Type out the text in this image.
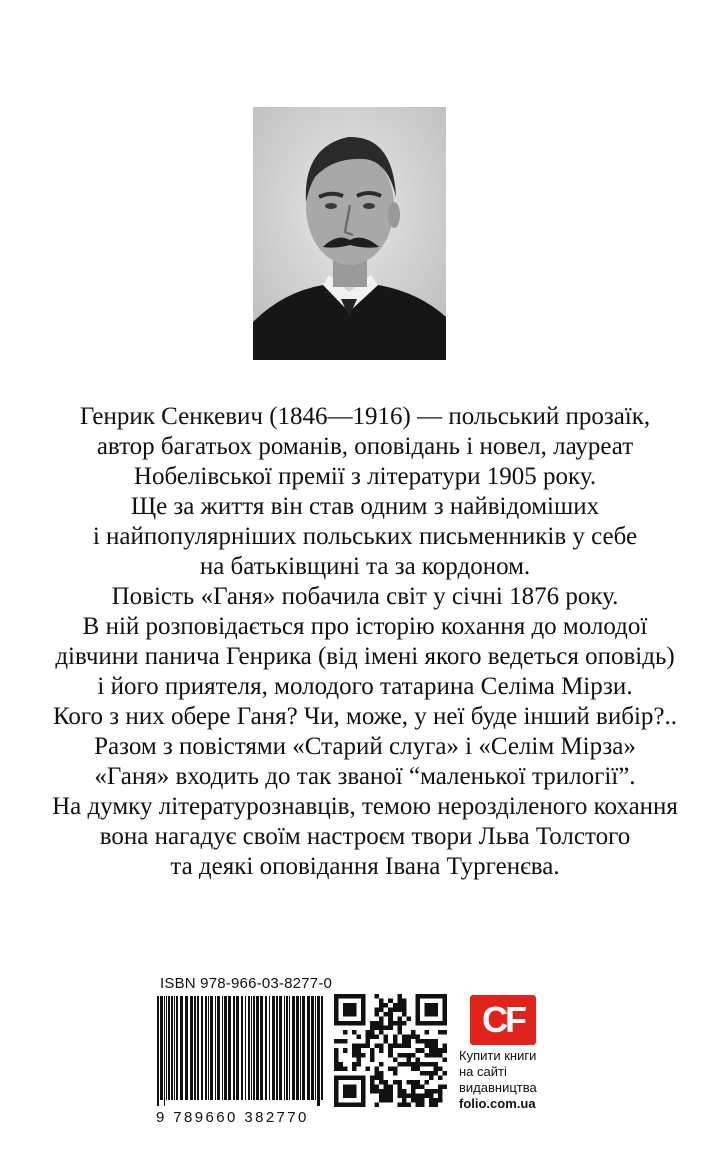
Генрик Сенкевич (1846—1916) — польський прозаїк,
автор багатьох романів, оповідань і новел, лауреат
Нобелівської премії з літератури 1905 року.
Ще за життя він став одним з найвідоміших
і найпопулярніших польських письменників у себе
на батьківщині та за кордоном.
Повість «Ганя» побачила світ у січні 1876 року.
В ній розповідається про історію кохання до молодої
дівчини панича Генрика (від імені якого ведеться оповідь)
і його приятеля, молодого татарина Селіма Мірзи.
Кого з них обере Ганя? Чи, може, у неї буде інший вибір?..
Разом з повістями «Старий слуга» і «Селім Мірза»
«Ганя» входить до так званої “маленької трилогії”.
На думку літературознавців, темою нерозділеного кохання
вона нагадує своїм настроєм твори Льва Толстого
та деякі оповідання Івана Тургенєва.
ISBN 978-966-03-8277-0
9 789660 382770
CF
Купити книги
на сайті
видавництва
folio.com.ua
